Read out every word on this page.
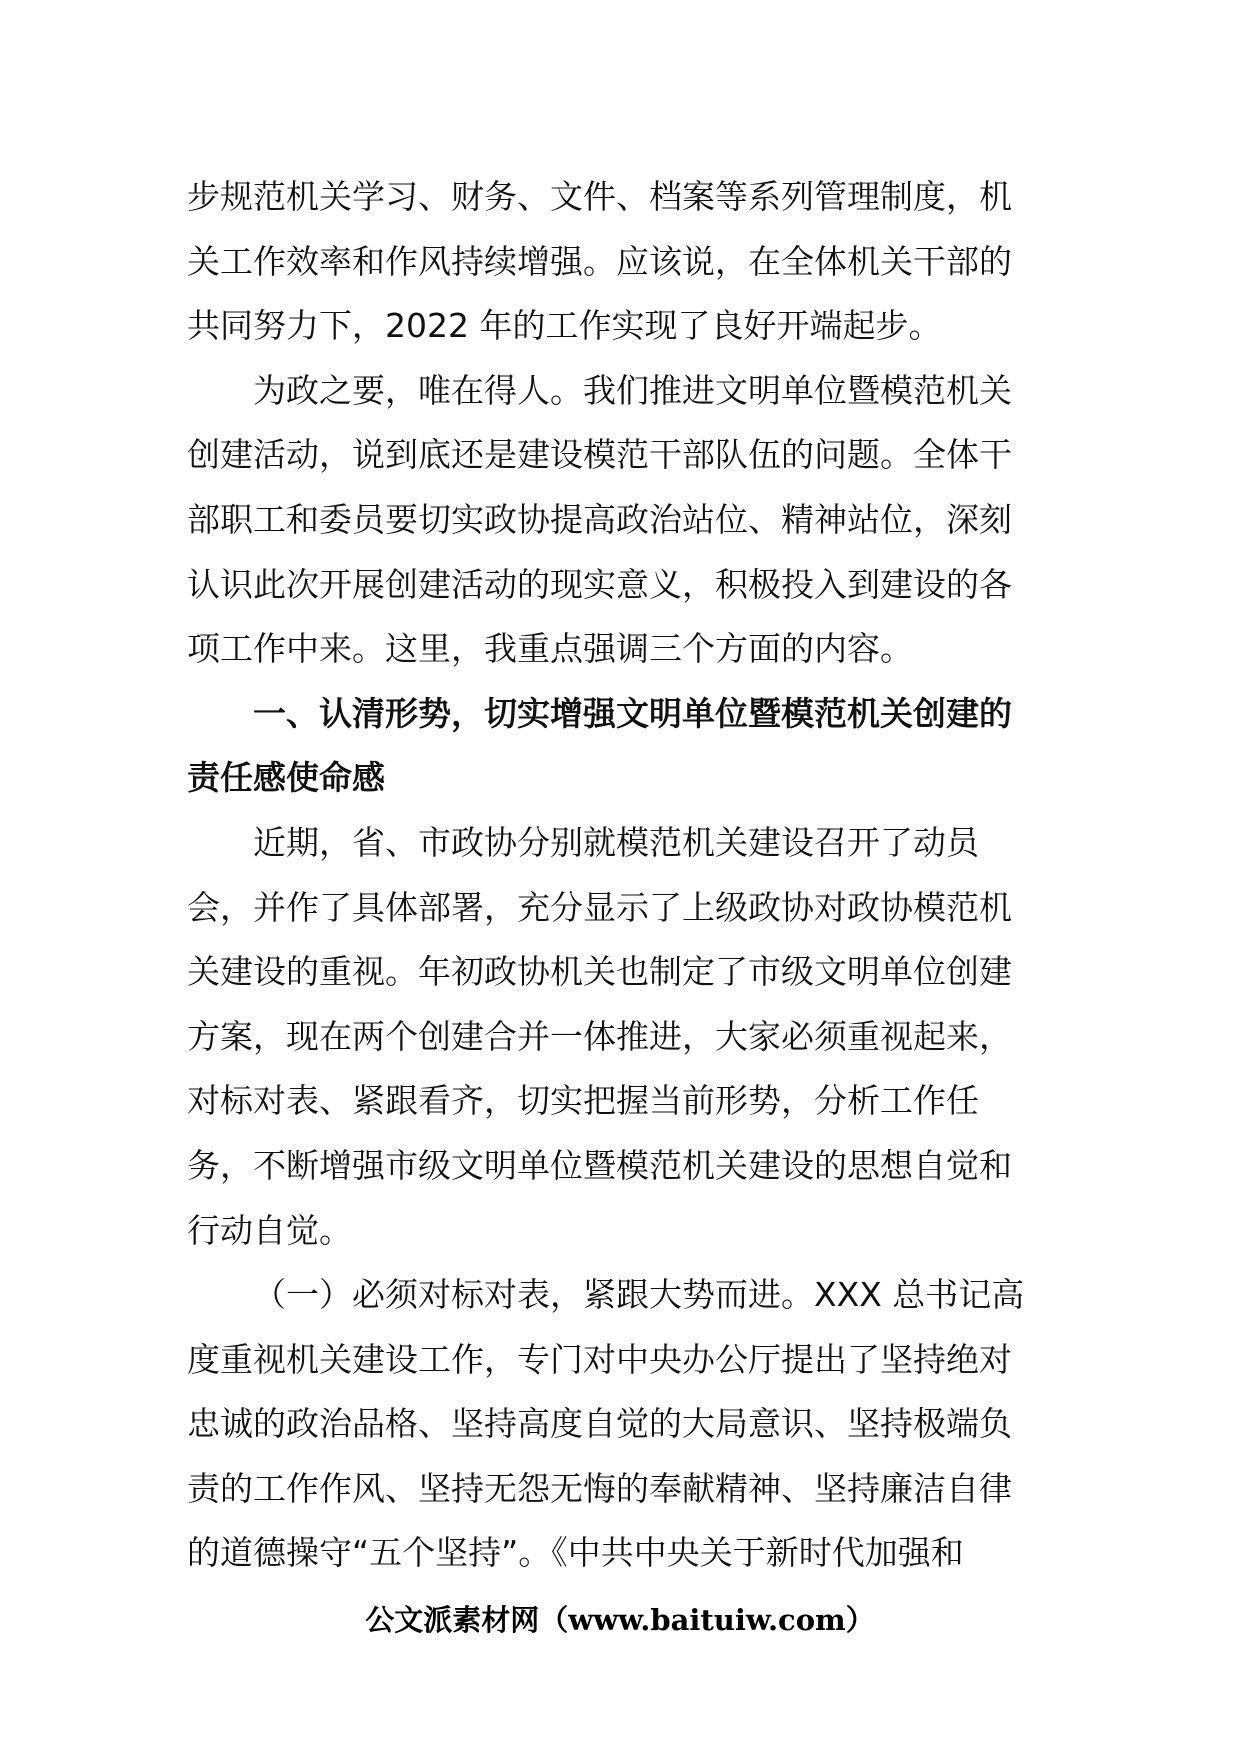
步规范机关学习、财务、文件、档案等系列管理制度，机
关工作效率和作风持续增强。应该说，在全体机关干部的
共同努力下，2022 年的工作实现了良好开端起步。
为政之要，唯在得人。我们推进文明单位暨模范机关
创建活动，说到底还是建设模范干部队伍的问题。全体干
部职工和委员要切实政协提高政治站位、精神站位，深刻
认识此次开展创建活动的现实意义，积极投入到建设的各
项工作中来。这里，我重点强调三个方面的内容。
一、认清形势，切实增强文明单位暨模范机关创建的
责任感使命感
近期，省、市政协分别就模范机关建设召开了动员
会，并作了具体部署，充分显示了上级政协对政协模范机
关建设的重视。年初政协机关也制定了市级文明单位创建
方案，现在两个创建合并一体推进，大家必须重视起来，
对标对表、紧跟看齐，切实把握当前形势，分析工作任
务，不断增强市级文明单位暨模范机关建设的思想自觉和
行动自觉。
（一）必须对标对表，紧跟大势而进。XXX 总书记高
度重视机关建设工作，专门对中央办公厅提出了坚持绝对
忠诚的政治品格、坚持高度自觉的大局意识、坚持极端负
责的工作作风、坚持无怨无悔的奉献精神、坚持廉洁自律
的道德操守“五个坚持”。《中共中央关于新时代加强和
公文派素材网（www.baituiw.com）
